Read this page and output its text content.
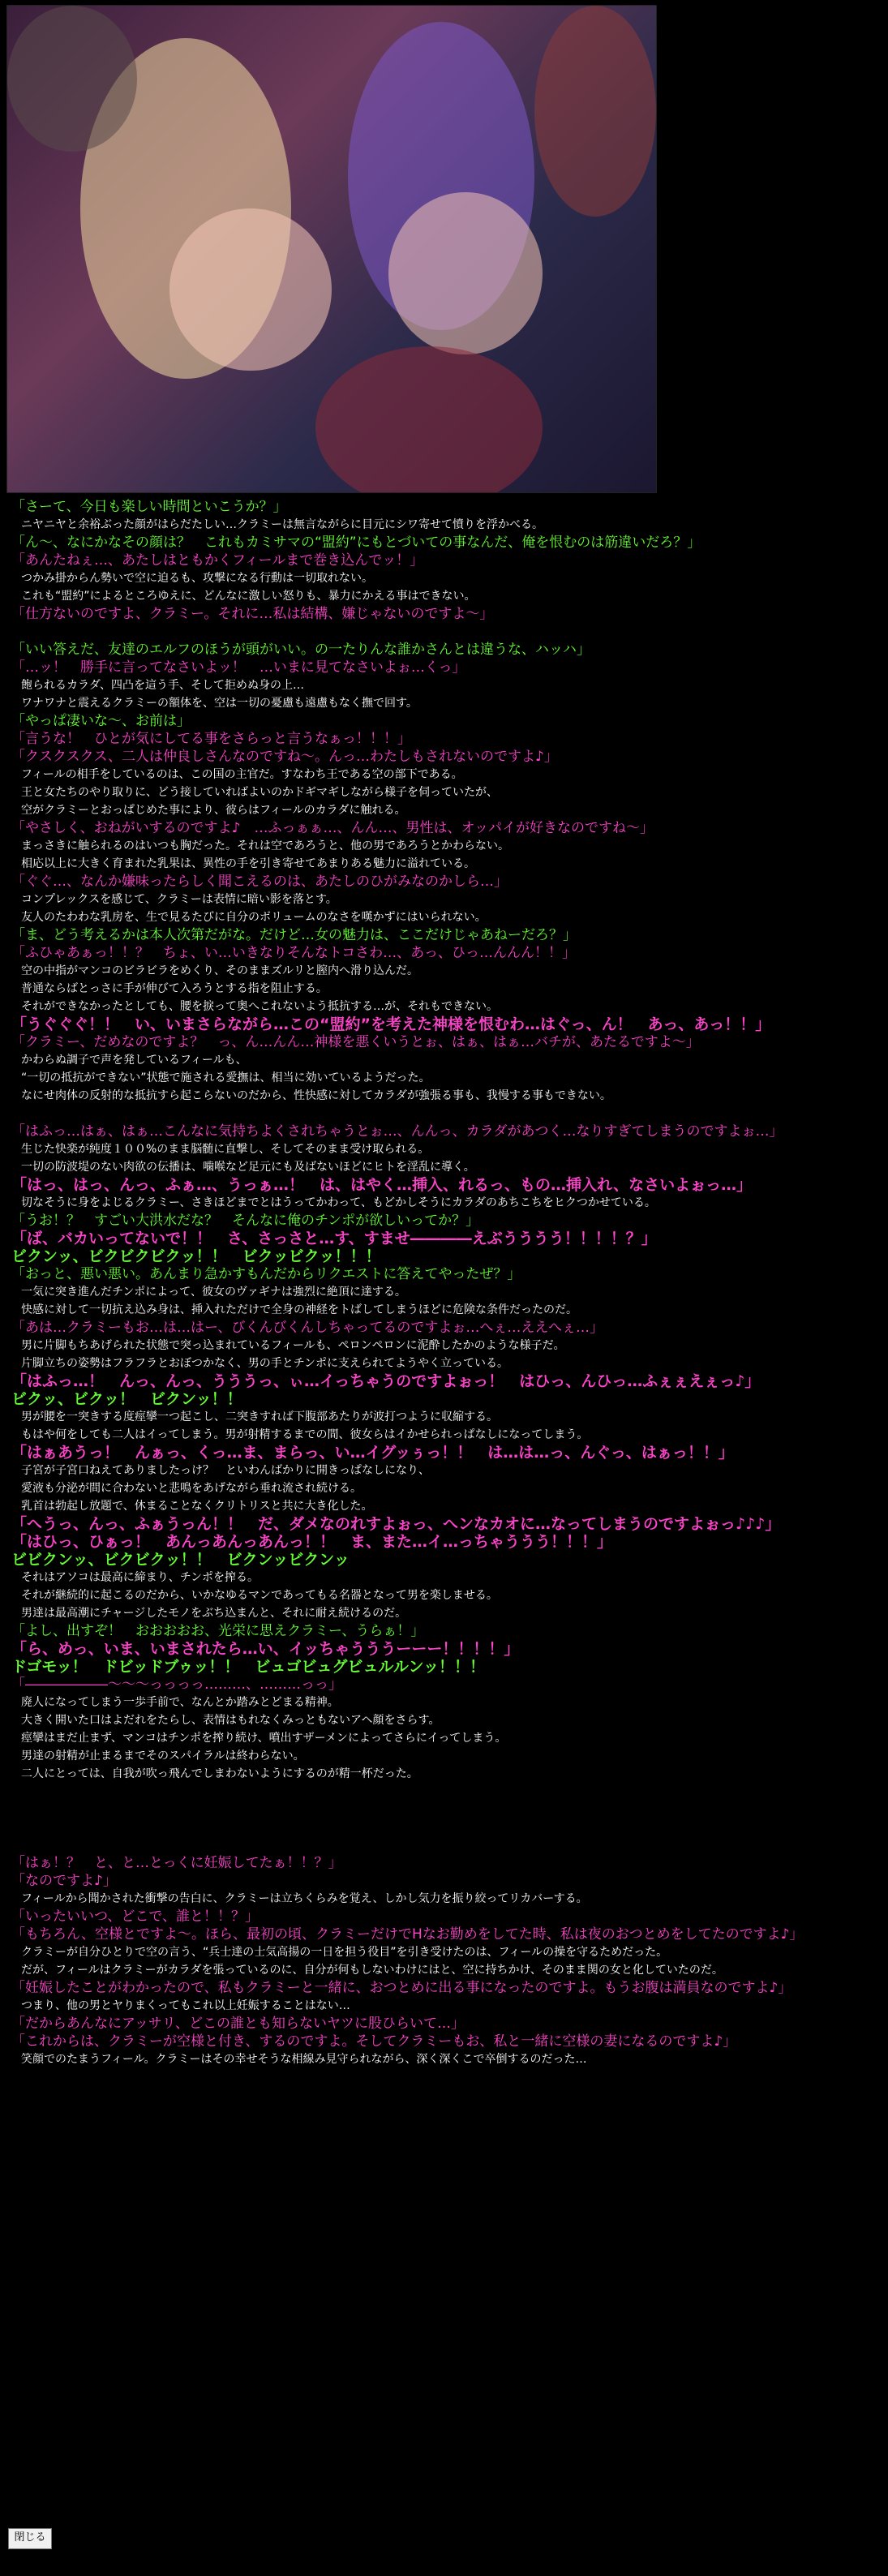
「さーて、今日も楽しい時間といこうか？」
ニヤニヤと余裕ぶった顔がはらだたしい…クラミーは無言ながらに目元にシワ寄せて憤りを浮かべる。
「ん〜、なにかなその顔は？　これもカミサマの“盟約”にもとづいての事なんだ、俺を恨むのは筋違いだろ？」
「あんたねぇ…、あたしはともかくフィールまで巻き込んでッ！」
つかみ掛からん勢いで空に迫るも、攻撃になる行動は一切取れない。
これも“盟約”によるところゆえに、どんなに激しい怒りも、暴力にかえる事はできない。
「仕方ないのですよ、クラミー。それに…私は結構、嫌じゃないのですよ〜」
「いい答えだ、友達のエルフのほうが頭がいい。の一たりんな誰かさんとは違うな、ハッハ」
「…ッ！　勝手に言ってなさいよッ！　…いまに見てなさいよぉ…くっ」
飽られるカラダ、四凸を這う手、そして拒めぬ身の上…
ワナワナと震えるクラミーの額体を、空は一切の憂慮も遠慮もなく撫で回す。
「やっぱ凄いな〜、お前は」
「言うな！　ひとが気にしてる事をさらっと言うなぁっ！！！」
「クスクスクス、二人は仲良しさんなのですね〜。んっ…わたしもされないのですよ♪」
フィールの相手をしているのは、この国の主官だ。すなわち王である空の部下である。
王と女たちのやり取りに、どう接していればよいのかドギマギしながら様子を伺っていたが、
空がクラミーとおっぱじめた事により、彼らはフィールのカラダに触れる。
「やさしく、おねがいするのですよ♪　…ふっぁぁ…、んん…、男性は、オッパイが好きなのですね〜」
まっさきに触られるのはいつも胸だった。それは空であろうと、他の男であろうとかわらない。
相応以上に大きく育まれた乳果は、異性の手を引き寄せてあまりある魅力に溢れている。
「ぐぐ…、なんか嫌味ったらしく聞こえるのは、あたしのひがみなのかしら…」
コンプレックスを感じて、クラミーは表情に暗い影を落とす。
友人のたわわな乳房を、生で見るたびに自分のボリュームのなさを嘆かずにはいられない。
「ま、どう考えるかは本人次第だがな。だけど…女の魅力は、ここだけじゃあねーだろ？」
「ふひゃあぁっ！！？　ちょ、い…いきなりそんなトコさわ…、あっ、ひっ…んんん！！」
空の中指がマンコのビラビラをめくり、そのままズルリと膣内へ滑り込んだ。
普通ならばとっさに手が伸びて入ろうとする指を阻止する。
それができなかったとしても、腰を捩って奥へこれないよう抵抗する…が、それもできない。
「うぐぐぐ！！　い、いまさらながら…この“盟約”を考えた神様を恨むわ…はぐっ、ん！　あっ、あっ！！」
「クラミー、だめなのですよ？　っ、ん…んん…神様を悪くいうとぉ、はぁ、はぁ…バチが、あたるですよ〜」
かわらぬ調子で声を発しているフィールも、
“一切の抵抗ができない”状態で施される愛撫は、相当に効いているようだった。
なにせ肉体の反射的な抵抗すら起こらないのだから、性快感に対してカラダが強張る事も、我慢する事もできない。
「はふっ…はぁ、はぁ…こんなに気持ちよくされちゃうとぉ…、んんっ、カラダがあつく…なりすぎてしまうのですよぉ…」
生じた快楽が純度１００%のまま脳髄に直撃し、そしてそのまま受け取られる。
一切の防波堤のない肉欲の伝播は、噛喉など足元にも及ばないほどにヒトを淫乱に導く。
「はっ、はっ、んっ、ふぁ…、うっぁ…！　は、はやく…挿入、れるっ、もの…挿入れ、なさいよぉっ…」
切なそうに身をよじるクラミー、さきほどまでとはうってかわって、もどかしそうにカラダのあちこちをヒクつかせている。
「うお！？　すごい大洪水だな？　そんなに俺のチンポが欲しいってか？」
「ば、バカいってないで！！　さ、さっさと…す、すませ――――えぶうううう！！！！？」
ビクンッ、ビクビクビクッ！！　ビクッビクッ！！！
「おっと、悪い悪い。あんまり急かすもんだからリクエストに答えてやったぜ？」
一気に突き進んだチンポによって、彼女のヴァギナは強烈に絶頂に達する。
快感に対して一切抗え込み身は、挿入れただけで全身の神経をトばしてしまうほどに危険な条件だったのだ。
「あは…クラミーもお…は…はー、びくんびくんしちゃってるのですよぉ…へぇ…ええへぇ…」
男に片脚もちあげられた状態で突っ込まれているフィールも、ペロンペロンに泥酔したかのような様子だ。
片脚立ちの姿勢はフラフラとおぼつかなく、男の手とチンポに支えられてようやく立っている。
「はふっ…！　んっ、んっ、うううっ、ぃ…イっちゃうのですよぉっ！　はひっ、んひっ…ふぇぇえぇっ♪」
ビクッ、ビクッ！　ビクンッ！！
男が腰を一突きする度痙攣一つ起こし、二突きすれば下腹部あたりが波打つように収縮する。
もはや何をしても二人はイってしまう。男が射精するまでの間、彼女らはイかせられっぱなしになってしまう。
「はぁあうっ！　んぁっ、くっ…ま、まらっ、い…イグッぅっ！！　は…は…っ、んぐっ、はぁっ！！」
子宮が子宮口ねえてありましたっけ？　といわんばかりに開きっぱなしになり、
愛液も分泌が間に合わないと悲鳴をあげながら垂れ流され続ける。
乳首は勃起し放題で、休まることなくクリトリスと共に大き化した。
「へうっ、んっ、ふぁうっん！！　だ、ダメなのれすよぉっ、へンなカオに…なってしまうのですよぉっ♪♪♪」
「はひっ、ひぁっ！　あんっあんっあんっ！！　ま、また…イ…っちゃううう！！！」
ビビクンッ、ビクビクッ！！　ビクンッビクンッ
それはアソコは最高に締まり、チンポを搾る。
それが継続的に起こるのだから、いかなゆるマンであってもる名器となって男を楽しませる。
男達は最高潮にチャージしたモノをぶち込まんと、それに耐え続けるのだ。
「よし、出すぞ！　おおおおお、光栄に思えクラミー、うらぁ！」
「ら、めっ、いま、いまされたら…い、イッちゃうううーーー！！！！」
ドゴモッ！　ドビッドブゥッ！！　ビュゴビュグビュルルンッ！！！
「――――――〜〜〜っっっっ………、………っっ」
廃人になってしまう一歩手前で、なんとか踏みとどまる精神。
大きく開いた口はよだれをたらし、表情はもれなくみっともないアヘ顔をさらす。
痙攣はまだ止まず、マンコはチンポを搾り続け、噴出すザーメンによってさらにイってしまう。
男達の射精が止まるまでそのスパイラルは終わらない。
二人にとっては、自我が吹っ飛んでしまわないようにするのが精一杯だった。
「はぁ！？　と、と…とっくに妊娠してたぁ！！？」
「なのですよ♪」
フィールから聞かされた衝撃の告白に、クラミーは立ちくらみを覚え、しかし気力を振り絞ってリカバーする。
「いったいいつ、どこで、誰と！！？」
「もちろん、空様とですよ〜。ほら、最初の頃、クラミーだけでHなお勤めをしてた時、私は夜のおつとめをしてたのですよ♪」
クラミーが自分ひとりで空の言う、“兵士達の士気高揚の一日を担う役目”を引き受けたのは、フィールの操を守るためだった。
だが、フィールはクラミーがカラダを張っているのに、自分が何もしないわけにはと、空に持ちかけ、そのまま関の女と化していたのだ。
「妊娠したことがわかったので、私もクラミーと一緒に、おつとめに出る事になったのですよ。もうお腹は満員なのですよ♪」
つまり、他の男とヤりまくってもこれ以上妊娠することはない…
「だからあんなにアッサリ、どこの誰とも知らないヤツに股ひらいて…」
「これからは、クラミーが空様と付き、するのですよ。そしてクラミーもお、私と一緒に空様の妻になるのですよ♪」
笑顔でのたまうフィール。クラミーはその幸せそうな相線み見守られながら、深く深くこで卒倒するのだった…
閉じる
